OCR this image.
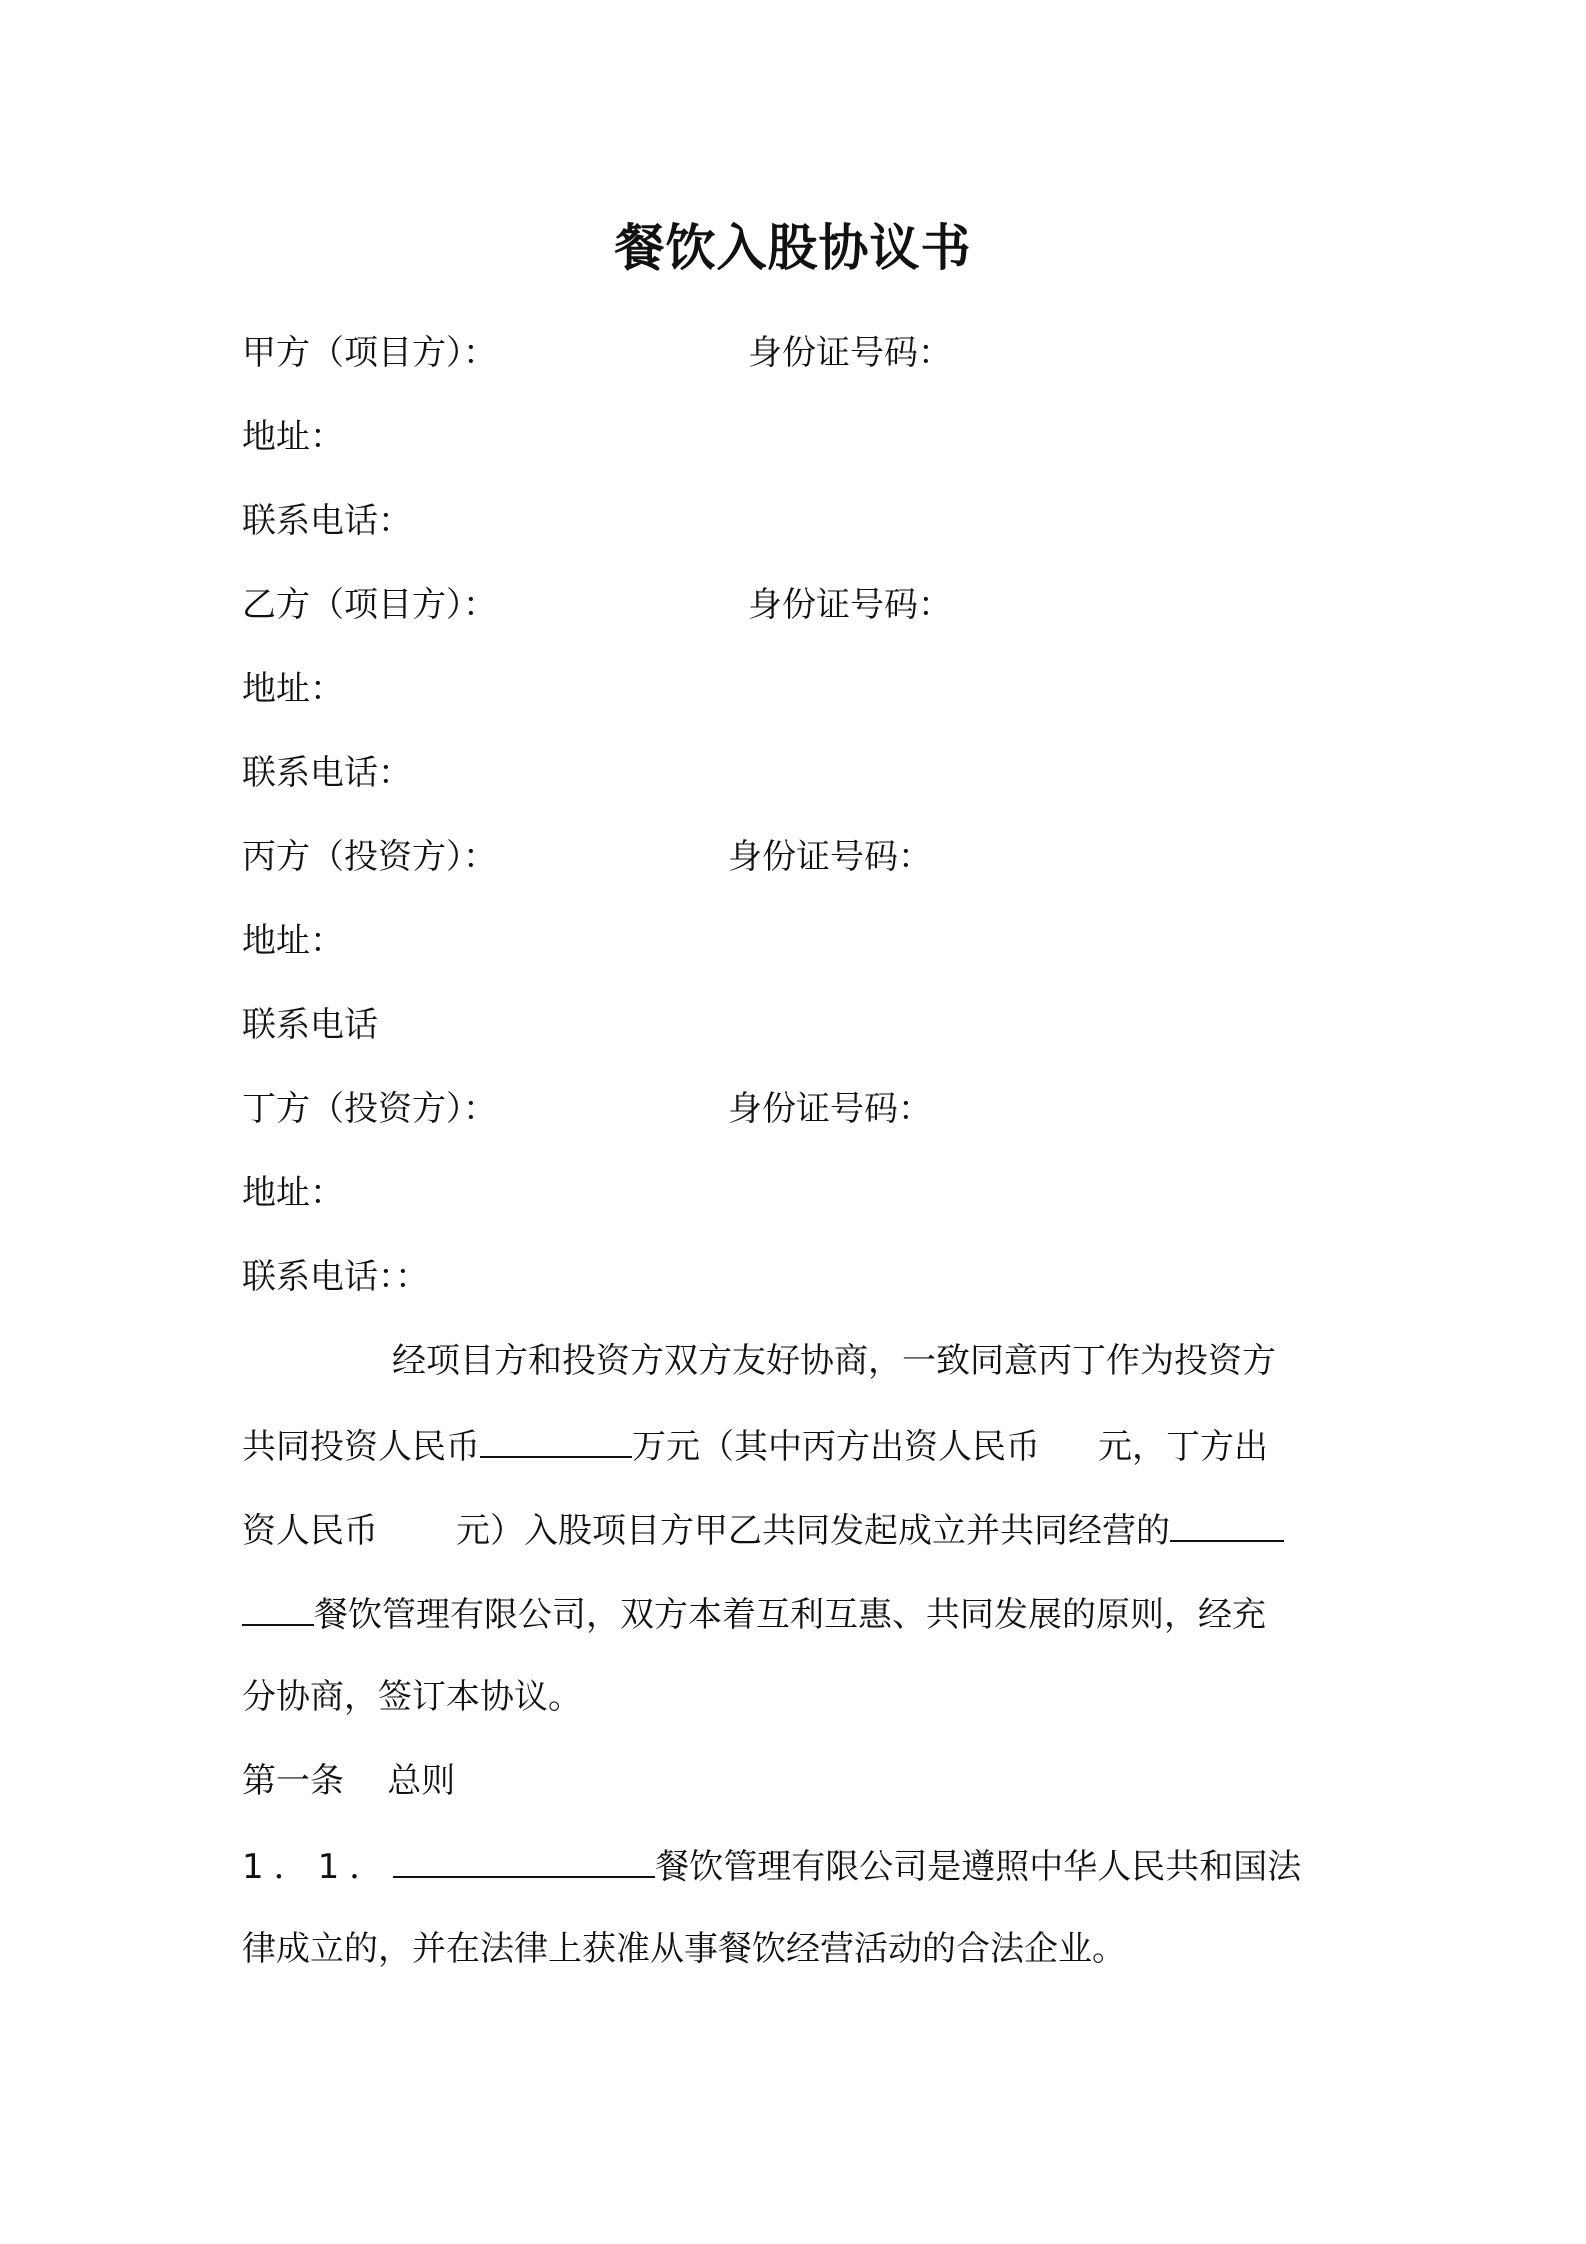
餐饮入股协议书
甲方（项目方）：	身份证号码：
地址：
联系电话：
乙方（项目方）：	身份证号码：
地址：
联系电话：
丙方（投资方）：	身份证号码：
地址：
联系电话
丁方（投资方）：	身份证号码：
地址：
联系电话：：
经项目方和投资方双方友好协商，一致同意丙丁作为投资方
共同投资人民币	万元（其中丙方出资人民币 元，丁方出
资人民币 元）入股项目方甲乙共同发起成立并共同经营的
餐饮管理有限公司，双方本着互利互惠、共同发展的原则，经充
分协商，签订本协议。
第一条    总则
1．1．	餐饮管理有限公司是遵照中华人民共和国法
律成立的，并在法律上获准从事餐饮经营活动的合法企业。
